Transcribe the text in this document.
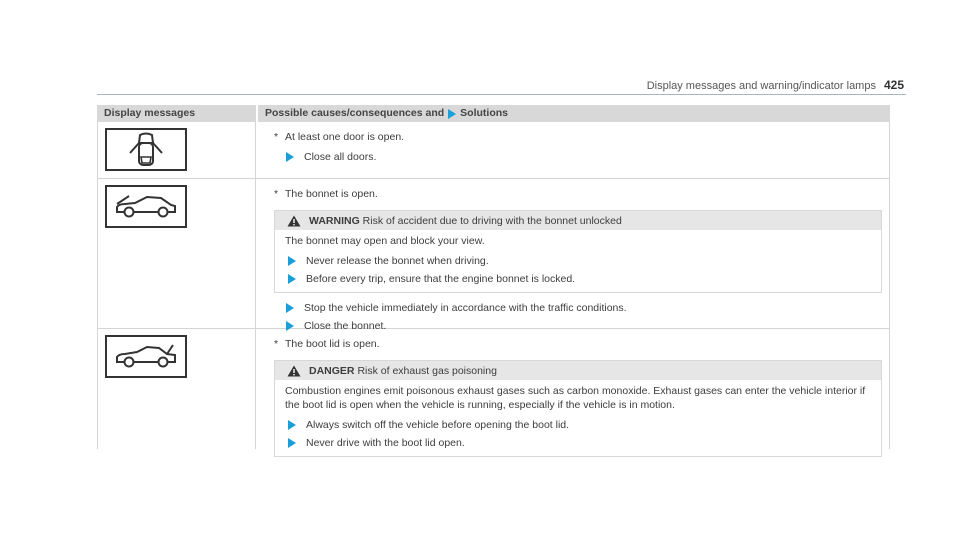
Display messages and warning/indicator lamps 425
Display messages	Possible causes/consequences and Solutions
* At least one door is open.
Close all doors.
* The bonnet is open.
WARNING Risk of accident due to driving with the bonnet unlocked
The bonnet may open and block your view.
Never release the bonnet when driving.
Before every trip, ensure that the engine bonnet is locked.
Stop the vehicle immediately in accordance with the traffic conditions.
Close the bonnet.
* The boot lid is open.
DANGER Risk of exhaust gas poisoning
Combustion engines emit poisonous exhaust gases such as carbon monoxide. Exhaust gases can enter the vehicle interior if the boot lid is open when the vehicle is running, especially if the vehicle is in motion.
Always switch off the vehicle before opening the boot lid.
Never drive with the boot lid open.
